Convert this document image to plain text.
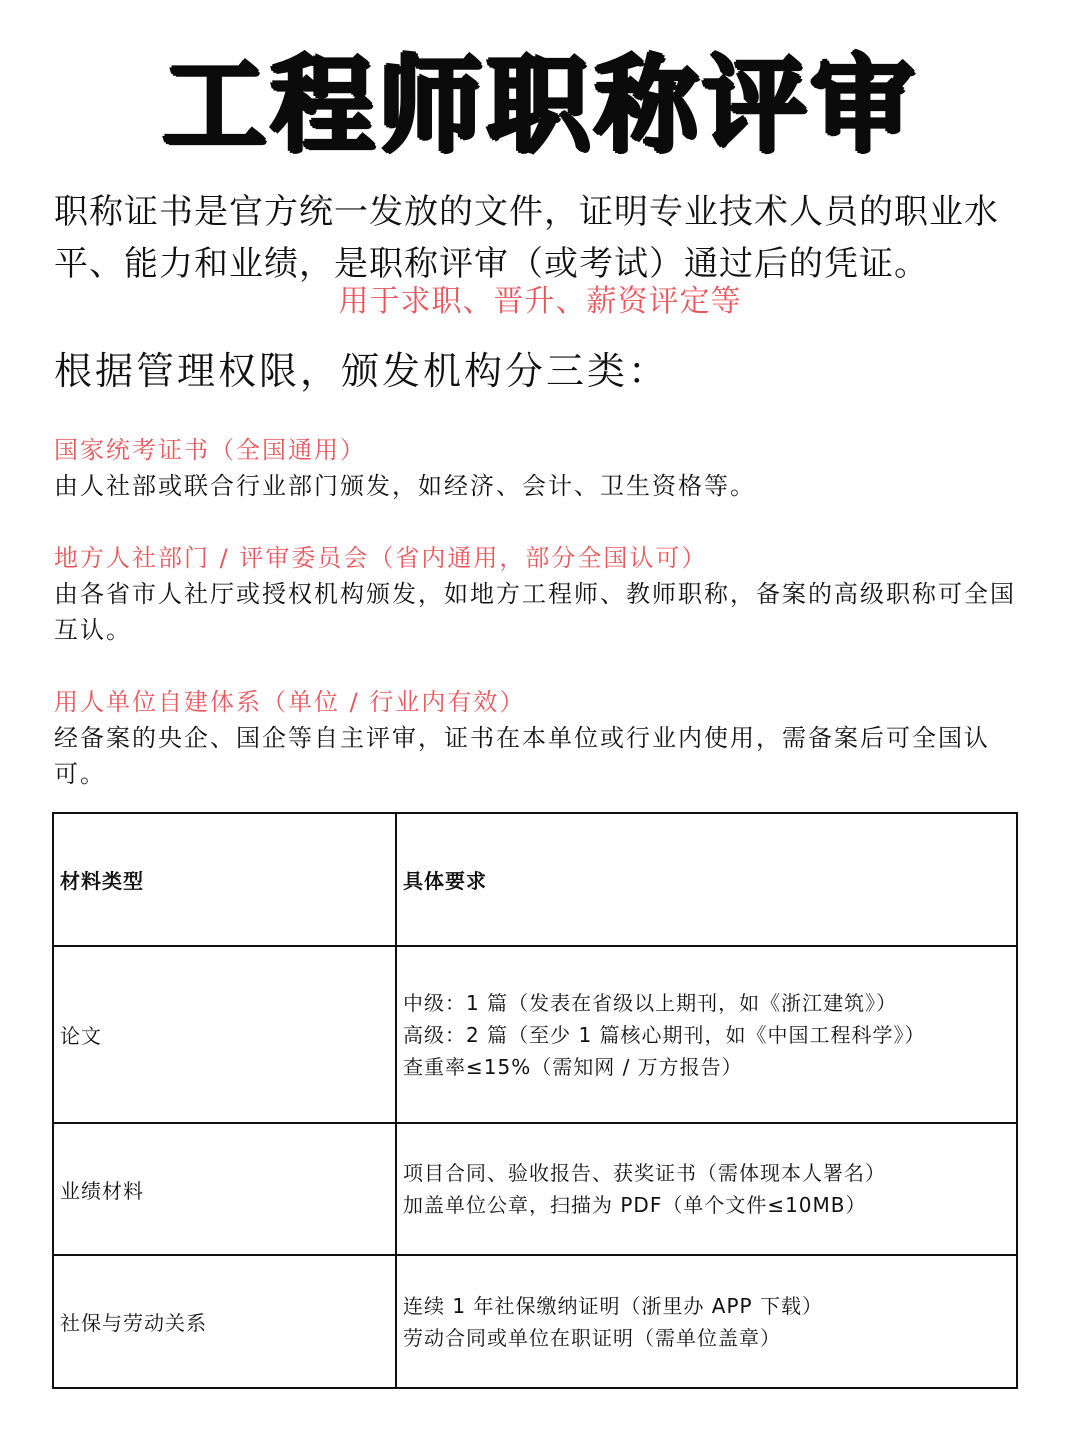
工程师职称评审

职称证书是官方统一发放的文件，证明专业技术人员的职业水平、能力和业绩，是职称评审（或考试）通过后的凭证。

用于求职、晋升、薪资评定等
根据管理权限，颁发机构分三类：
国家统考证书（全国通用）
由人社部或联合行业部门颁发，如经济、会计、卫生资格等。
地方人社部门 / 评审委员会（省内通用，部分全国认可）
由各省市人社厅或授权机构颁发，如地方工程师、教师职称，备案的高级职称可全国互认。
用人单位自建体系（单位 / 行业内有效）
经备案的央企、国企等自主评审，证书在本单位或行业内使用，需备案后可全国认可。
材料类型	具体要求
论文	中级：1 篇（发表在省级以上期刊，如《浙江建筑》）
高级：2 篇（至少 1 篇核心期刊，如《中国工程科学》）
查重率≤15%（需知网 / 万方报告）

业绩材料	项目合同、验收报告、获奖证书（需体现本人署名）
加盖单位公章，扫描为 PDF（单个文件≤10MB）

社保与劳动关系	连续 1 年社保缴纳证明（浙里办 APP 下载）
劳动合同或单位在职证明（需单位盖章）
